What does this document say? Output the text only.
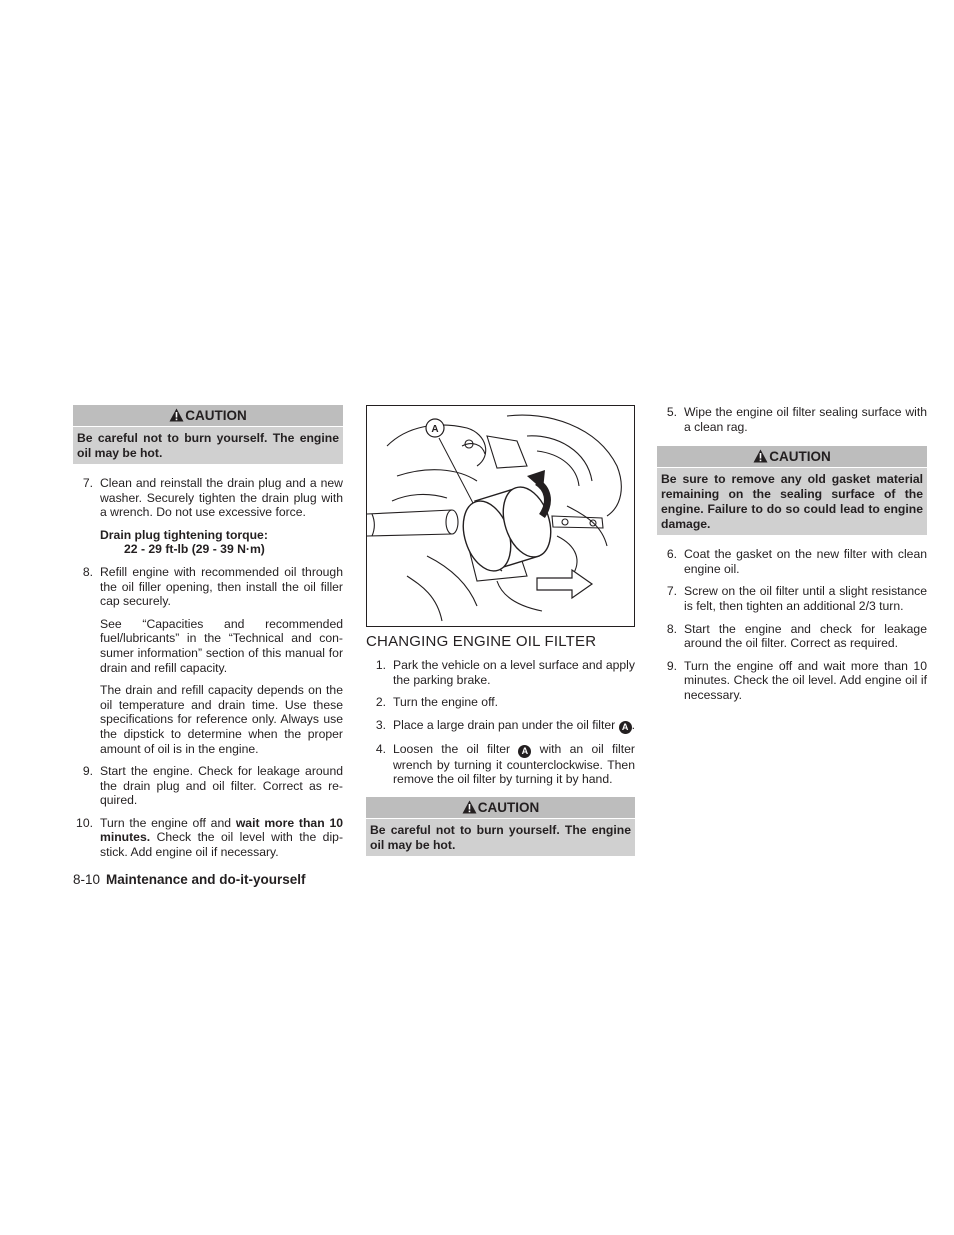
CAUTION
Be careful not to burn yourself. The engine oil may be hot.
7. Clean and reinstall the drain plug and a new washer. Securely tighten the drain plug with a wrench. Do not use excessive force.
Drain plug tightening torque:
22 - 29 ft-lb (29 - 39 N·m)
8. Refill engine with recommended oil through the oil filler opening, then install the oil filler cap securely.
See “Capacities and recommended fuel/lubricants” in the “Technical and con-sumer information” section of this manual for drain and refill capacity.
The drain and refill capacity depends on the oil temperature and drain time. Use these specifications for reference only. Always use the dipstick to determine when the proper amount of oil is in the engine.
9. Start the engine. Check for leakage around the drain plug and oil filter. Correct as re-quired.
10. Turn the engine off and wait more than 10 minutes. Check the oil level with the dip-stick. Add engine oil if necessary.
A
CHANGING ENGINE OIL FILTER
1. Park the vehicle on a level surface and apply the parking brake.
2. Turn the engine off.
3. Place a large drain pan under the oil filter A .
4. Loosen the oil filter A with an oil filter wrench by turning it counterclockwise. Then remove the oil filter by turning it by hand.
CAUTION
Be careful not to burn yourself. The engine oil may be hot.
5. Wipe the engine oil filter sealing surface with a clean rag.
CAUTION
Be sure to remove any old gasket material remaining on the sealing surface of the engine. Failure to do so could lead to engine damage.
6. Coat the gasket on the new filter with clean engine oil.
7. Screw on the oil filter until a slight resistance is felt, then tighten an additional 2/3 turn.
8. Start the engine and check for leakage around the oil filter. Correct as required.
9. Turn the engine off and wait more than 10 minutes. Check the oil level. Add engine oil if necessary.
8-10 Maintenance and do-it-yourself
